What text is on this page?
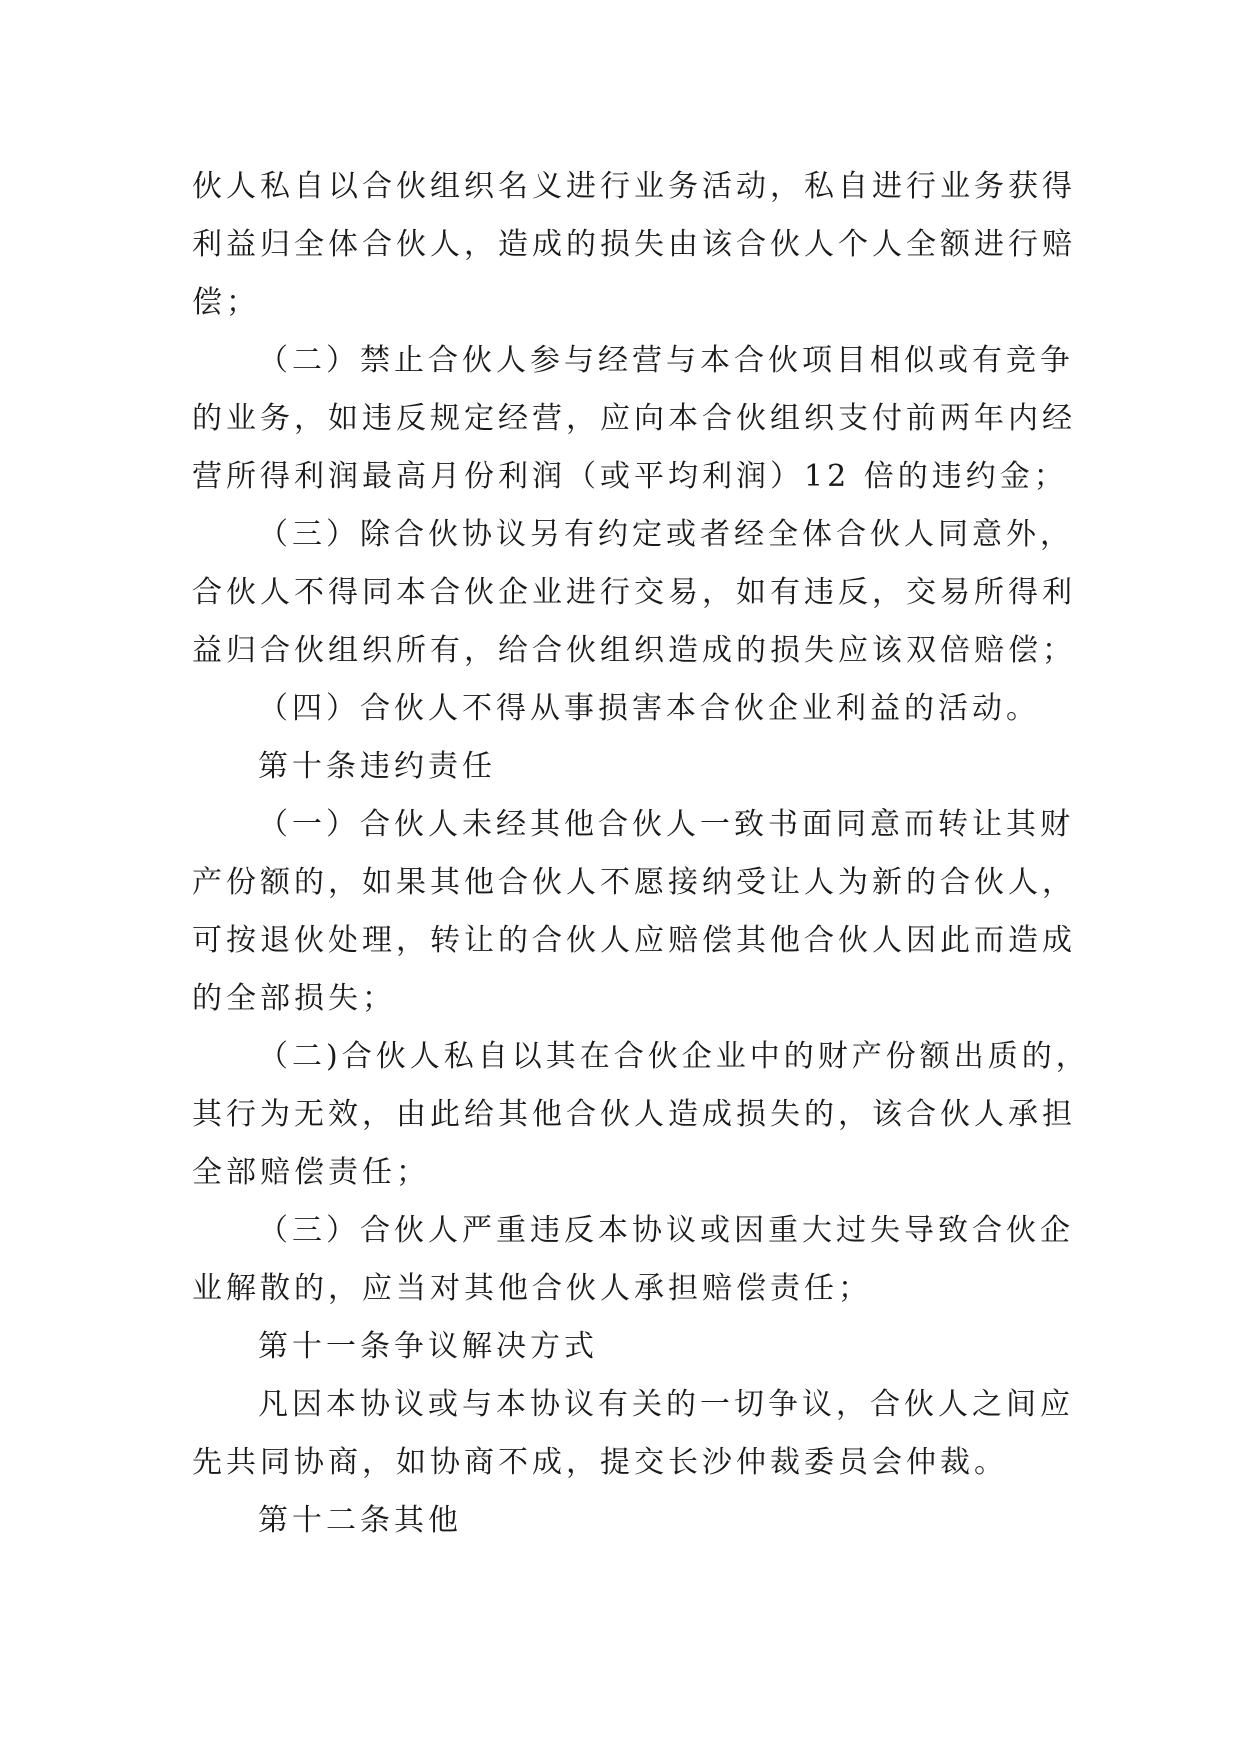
伙人私自以合伙组织名义进行业务活动，私自进行业务获得
利益归全体合伙人，造成的损失由该合伙人个人全额进行赔
偿；
（二）禁止合伙人参与经营与本合伙项目相似或有竞争
的业务，如违反规定经营，应向本合伙组织支付前两年内经
营所得利润最高月份利润（或平均利润）12 倍的违约金；
（三）除合伙协议另有约定或者经全体合伙人同意外，
合伙人不得同本合伙企业进行交易，如有违反，交易所得利
益归合伙组织所有，给合伙组织造成的损失应该双倍赔偿；
（四）合伙人不得从事损害本合伙企业利益的活动。
第十条违约责任
（一）合伙人未经其他合伙人一致书面同意而转让其财
产份额的，如果其他合伙人不愿接纳受让人为新的合伙人，
可按退伙处理，转让的合伙人应赔偿其他合伙人因此而造成
的全部损失；
（二)合伙人私自以其在合伙企业中的财产份额出质的，
其行为无效，由此给其他合伙人造成损失的，该合伙人承担
全部赔偿责任；
（三）合伙人严重违反本协议或因重大过失导致合伙企
业解散的，应当对其他合伙人承担赔偿责任；
第十一条争议解决方式
凡因本协议或与本协议有关的一切争议，合伙人之间应
先共同协商，如协商不成，提交长沙仲裁委员会仲裁。
第十二条其他
